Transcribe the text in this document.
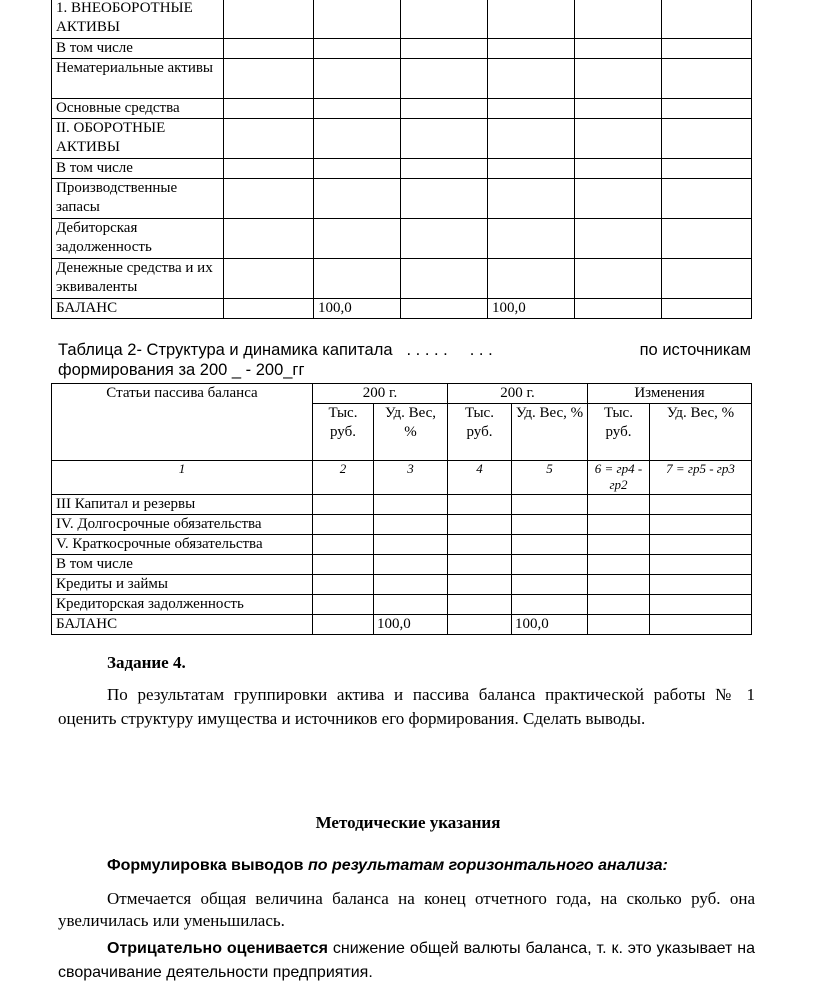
1. ВНЕОБОРОТНЫЕ АКТИВЫ						
В том числе						
Нематериальные активы						
Основные средства						
II. ОБОРОТНЫЕ АКТИВЫ						
В том числе						
Производственные запасы						
Дебиторская задолженность						
Денежные средства и их эквиваленты						
БАЛАНС		100,0		100,0		
Таблица 2- Структура и динамика капитала . . . . . . . .	по источникам
формирования за 200 _ - 200_гг
Статьи пассива баланса	200 г.		200 г.		Изменения	
	Тыс. руб.	Уд. Вес, %	Тыс. руб.	Уд. Вес, %	Тыс. руб.	Уд. Вес, %
1	2	3	4	5	6 = гр4 - гр2	7 = гр5 - гр3
III Капитал и резервы						
IV. Долгосрочные обязательства						
V. Краткосрочные обязательства						
В том числе						
Кредиты и займы						
Кредиторская задолженность						
БАЛАНС		100,0		100,0		
Задание 4.
По результатам группировки актива и пассива баланса практической работы № 1 оценить структуру имущества и источников его формирования. Сделать выводы.
Методические указания
Формулировка выводов по результатам горизонтального анализа:
Отмечается общая величина баланса на конец отчетного года, на сколько руб. она увеличилась или уменьшилась.
Отрицательно оценивается снижение общей валюты баланса, т. к. это указывает на сворачивание деятельности предприятия.
